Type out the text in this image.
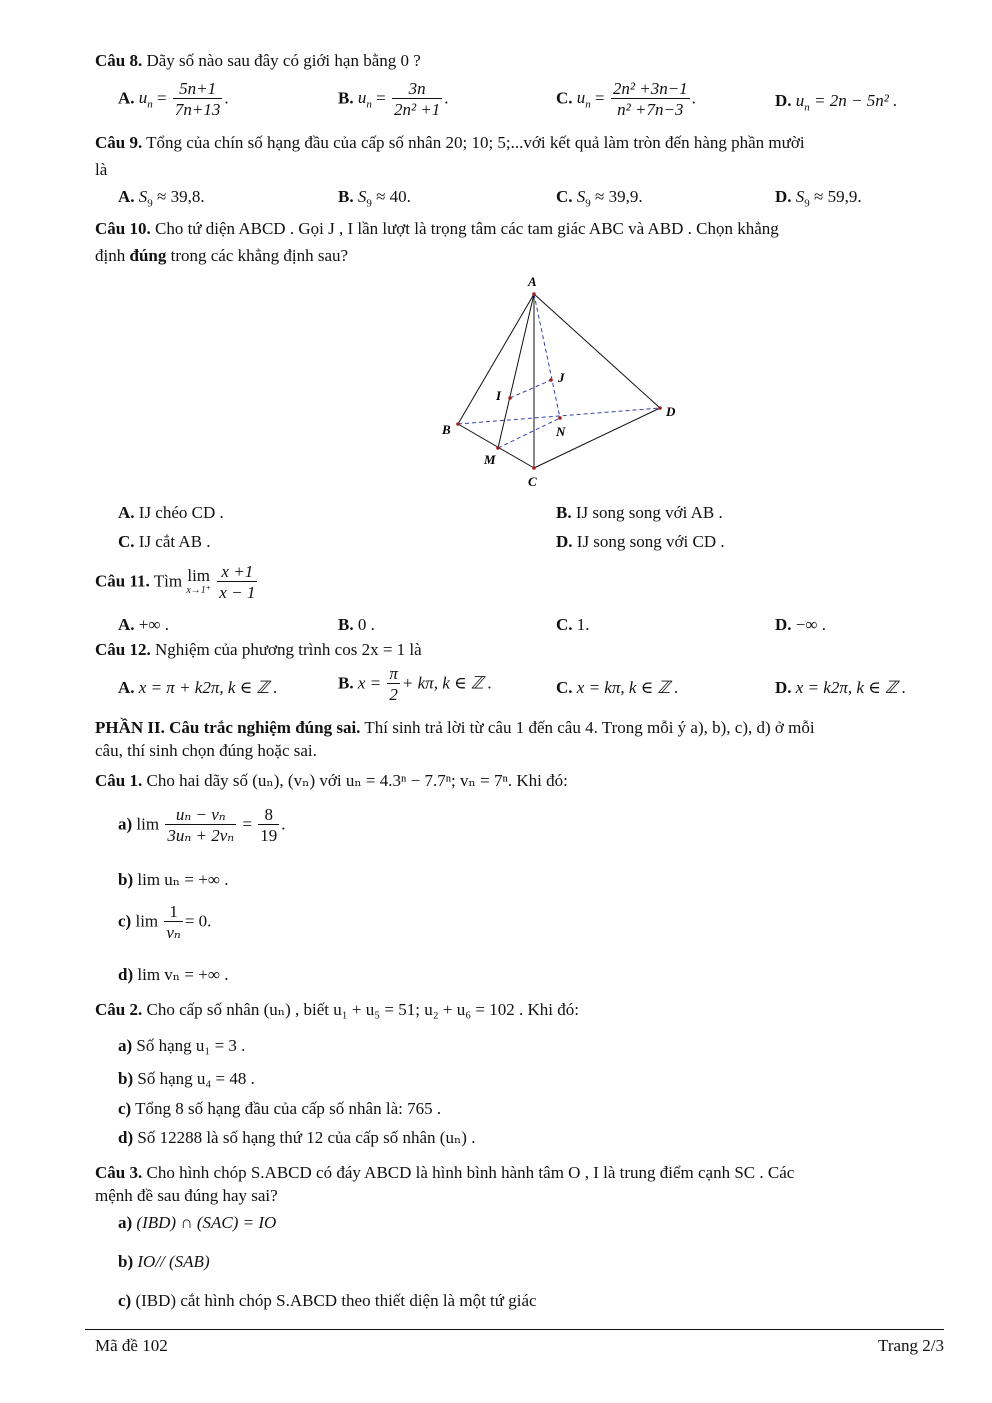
Câu 8. Dãy số nào sau đây có giới hạn bằng 0 ?
A. $u_n = \frac{5n+1}{7n+13}$ .	B. $u_n = \frac{3n}{\text{2n² +1}}$ .	C. $u_n = \frac{\text{2n² +3n−1}}{\text{n² +7n−3}}$ .	D. $u_n = 2n - 5n^2$ .
Câu 9. Tổng của chín số hạng đầu của cấp số nhân 20; 10; 5;...với kết quả làm tròn đến hàng phần mười
là
A. $S_9 \approx 39,8$.	B. $S_9 \approx 40$.	C. $S_9 \approx 39,9$.	D. $S_9 \approx 59,9$.
Câu 10. Cho tứ diện ABCD . Gọi J , I lần lượt là trọng tâm các tam giác ABC và ABD . Chọn khẳng
định đúng trong các khẳng định sau?
A
B
C
D
I
J
M
N
A. IJ chéo CD .	B. IJ song song với AB .
C. IJ cắt AB .	D. IJ song song với CD .
Câu 11. Tìm lim
x→1⁺
$\frac{x +1}{x - 1}$
A. +∞ .	B. 0 .	C. 1.	D. −∞ .
Câu 12. Nghiệm của phương trình cos 2x = 1 là
A. x = π + k2π, k ∈ ℤ .	B. $x = \frac{\pi}{2} + k\pi$, k ∈ ℤ .	C. x = kπ, k ∈ ℤ .	D. x = k2π, k ∈ ℤ .
PHẦN II. Câu trắc nghiệm đúng sai. Thí sinh trả lời từ câu 1 đến câu 4. Trong mỗi ý a), b), c), d) ở mỗi
câu, thí sinh chọn đúng hoặc sai.
Câu 1. Cho hai dãy số (uₙ), (vₙ) với uₙ = 4.3ⁿ − 7.7ⁿ; vₙ = 7ⁿ. Khi đó:
a) $\lim \frac{\text{uₙ − vₙ}}{\text{3uₙ + 2vₙ}} = \frac{8}{19}$ .
b) lim uₙ = +∞ .
c) $\lim \frac{1}{\text{vₙ}} = 0$.
d) lim vₙ = +∞ .
Câu 2. Cho cấp số nhân (uₙ) , biết u₁ + u₅ = 51; u₂ + u₆ = 102 . Khi đó:
a) Số hạng u₁ = 3 .
b) Số hạng u₄ = 48 .
c) Tổng 8 số hạng đầu của cấp số nhân là: 765 .
d) Số 12288 là số hạng thứ 12 của cấp số nhân (uₙ) .
Câu 3. Cho hình chóp S.ABCD có đáy ABCD là hình bình hành tâm O , I là trung điểm cạnh SC . Các
mệnh đề sau đúng hay sai?
a) (IBD) ∩ (SAC) = IO
b) IO// (SAB)
c) (IBD) cắt hình chóp S.ABCD theo thiết diện là một tứ giác
Mã đề 102	Trang 2/3
